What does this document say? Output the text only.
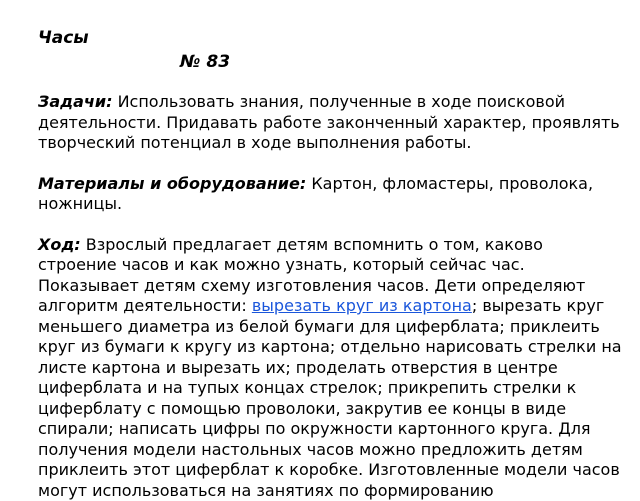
Часы

№ 83

Задачи: Использовать знания, полученные в ходе поисковой деятельности. Придавать работе законченный характер, проявлять творческий потенциал в ходе выполнения работы.

Материалы и оборудование: Картон, фломастеры, проволока, ножницы.

Ход: Взрослый предлагает детям вспомнить о том, каково строение часов и как можно узнать, который сейчас час. Показывает детям схему изготовления часов. Дети определяют алгоритм деятельности: вырезать круг из картона; вырезать круг меньшего диаметра из белой бумаги для циферблата; приклеить круг из бумаги к кругу из картона; отдельно нарисовать стрелки на листе картона и вырезать их; проделать отверстия в центре циферблата и на тупых концах стрелок; прикрепить стрелки к циферблату с помощью проволоки, закрутив ее концы в виде спирали; написать цифры по окружности картонного круга. Для получения модели настольных часов можно предложить детям приклеить этот циферблат к коробке. Изготовленные модели часов могут использоваться на занятиях по формированию
